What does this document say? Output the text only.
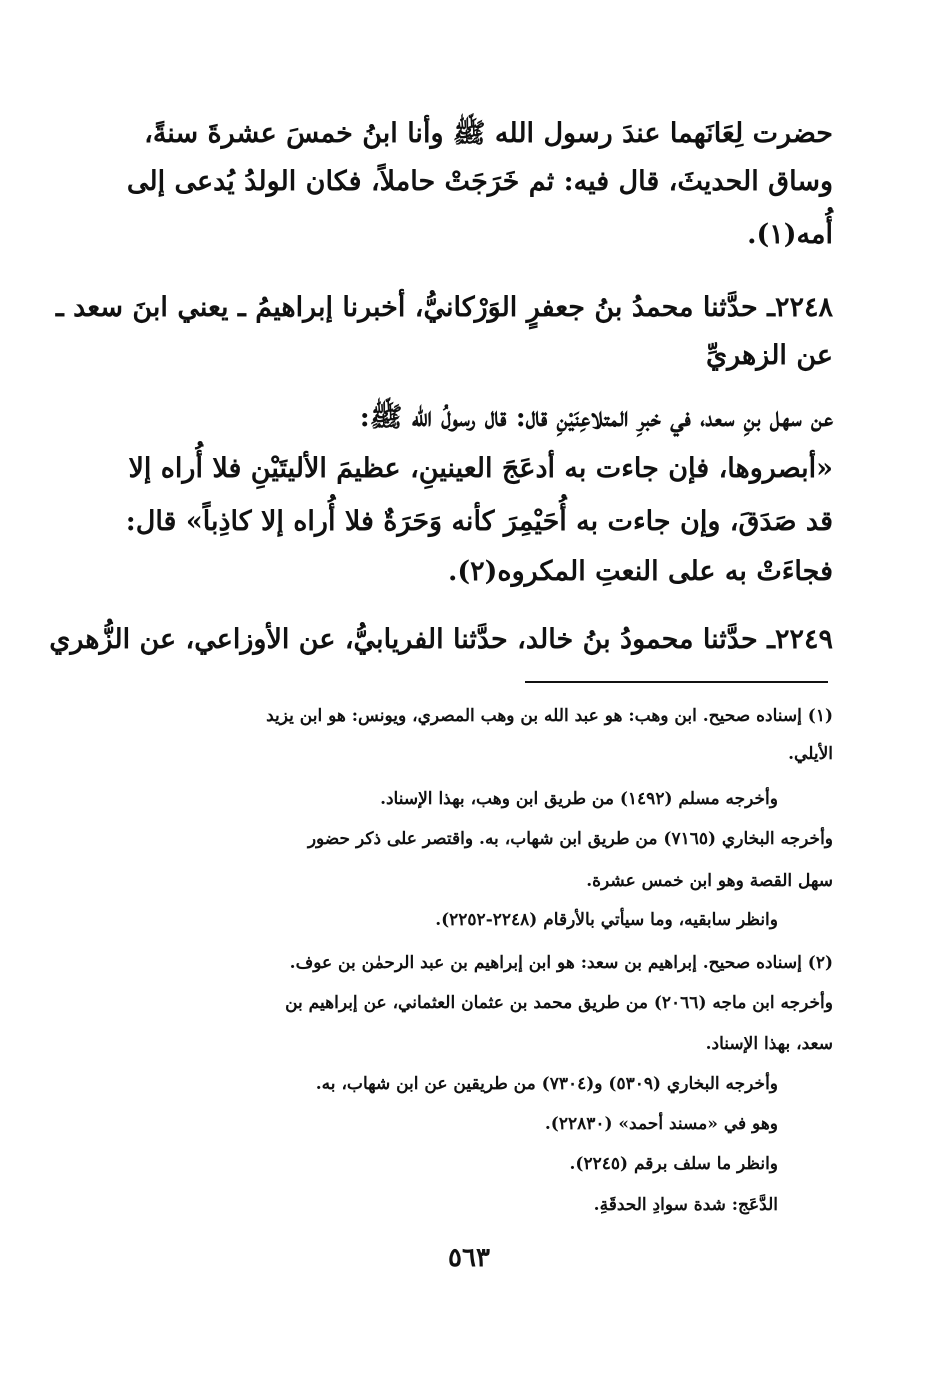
حضرت لِعَانَهما عندَ رسول الله ﷺ وأنا ابنُ خمسَ عشرةَ سنةً،
وساق الحديثَ، قال فيه: ثم خَرَجَتْ حاملاً، فكان الولدُ يُدعى إلى
أُمه(١).
٢٢٤٨ـ حدَّثنا محمدُ بنُ جعفرٍ الوَرْكانيُّ، أخبرنا إبراهيمُ ـ يعني ابنَ سعد ـ
عن الزهريِّ
عن سهل بنِ سعد، في خبرِ المتلاعِنَيْنِ قال: قال رسولُ الله ﷺ:
«أبصروها، فإن جاءت به أدعَجَ العينينِ، عظيمَ الأليتَيْنِ فلا أُراه إلا
قد صَدَقَ، وإن جاءت به أُحَيْمِرَ كأنه وَحَرَةٌ فلا أُراه إلا كاذِباً» قال:
فجاءَتْ به على النعتِ المكروه(٢).
٢٢٤٩ـ حدَّثنا محمودُ بنُ خالد، حدَّثنا الفريابيُّ، عن الأوزاعي، عن الزُّهري
(١) إسناده صحيح. ابن وهب: هو عبد الله بن وهب المصري، ويونس: هو ابن يزيد
الأيلي.
وأخرجه مسلم (١٤٩٢) من طريق ابن وهب، بهذا الإسناد.
وأخرجه البخاري (٧١٦٥) من طريق ابن شهاب، به. واقتصر على ذكر حضور
سهل القصة وهو ابن خمس عشرة.
وانظر سابقيه، وما سيأتي بالأرقام (٢٢٤٨-٢٢٥٢).
(٢) إسناده صحيح. إبراهيم بن سعد: هو ابن إبراهيم بن عبد الرحمٰن بن عوف.
وأخرجه ابن ماجه (٢٠٦٦) من طريق محمد بن عثمان العثماني، عن إبراهيم بن
سعد، بهذا الإسناد.
وأخرجه البخاري (٥٣٠٩) و(٧٣٠٤) من طريقين عن ابن شهاب، به.
وهو في «مسند أحمد» (٢٢٨٣٠).
وانظر ما سلف برقم (٢٢٤٥).
الدَّعَج: شدة سوادِ الحدقَةِ.
٥٦٣
